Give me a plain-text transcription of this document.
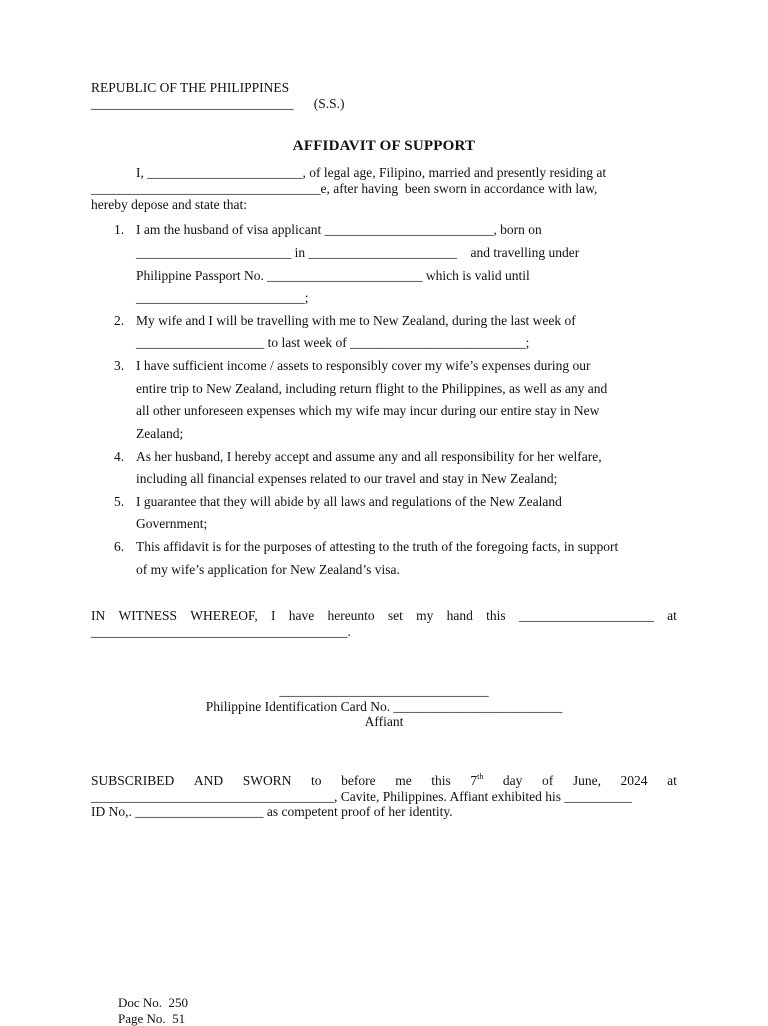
REPUBLIC OF THE PHILIPPINES
______________________________      (S.S.)
AFFIDAVIT OF SUPPORT
I, _______________________, of legal age, Filipino, married and presently residing at
__________________________________e, after having  been sworn in accordance with law,
hereby depose and state that:
1. I am the husband of visa applicant _________________________, born on
_______________________ in ______________________    and travelling under
Philippine Passport No. _______________________ which is valid until
_________________________;
2. My wife and I will be travelling with me to New Zealand, during the last week of
___________________ to last week of __________________________;
3. I have sufficient income / assets to responsibly cover my wife’s expenses during our
entire trip to New Zealand, including return flight to the Philippines, as well as any and
all other unforeseen expenses which my wife may incur during our entire stay in New
Zealand;
4. As her husband, I hereby accept and assume any and all responsibility for her welfare,
including all financial expenses related to our travel and stay in New Zealand;
5. I guarantee that they will abide by all laws and regulations of the New Zealand
Government;
6. This affidavit is for the purposes of attesting to the truth of the foregoing facts, in support
of my wife’s application for New Zealand’s visa.
IN WITNESS WHEREOF, I have hereunto set my hand this ____________________ at
______________________________________.
_______________________________
Philippine Identification Card No. _________________________
Affiant
SUBSCRIBED AND SWORN to before me this 7th day of June, 2024 at
____________________________________, Cavite, Philippines. Affiant exhibited his __________
ID No,. ___________________ as competent proof of her identity.
Doc No.  250
Page No.  51
